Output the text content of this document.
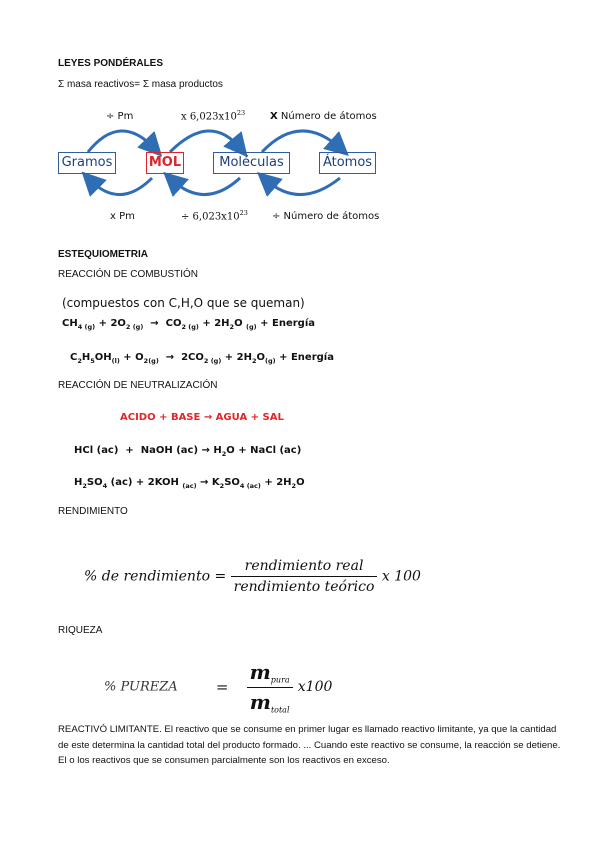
LEYES PONDÉRALES
Σ masa reactivos= Σ masa productos
÷ Pm	x $6,023x10^{23}$ X Número de átomos
Gramos	MOL	Moléculas	Átomos
x Pm	÷ $6,023x10^{23}$ ÷ Número de átomos
ESTEQUIOMETRIA
REACCIÓN DE COMBUSTIÓN
(compuestos con C,H,O que se queman)
$CH_{4 (g)} + 2O_{2 (g)} \to CO_{2 (g)} + 2H_2O$ $_{(g)}$ + Energía
$C_2H_5OH_{(l)} + O_{2(g)} \to 2CO_{2 (g)} + 2H_2O_{(g)}$ + Energía
REACCIÓN DE NEUTRALIZACIÓN
ACIDO + BASE → AGUA + SAL
HCl (ac)  +  NaOH $(ac) \to H_2O$ + NaCl (ac)
$H_2SO_4$ (ac) + 2KOH $_{(ac)} \to K_2SO_{4 (ac)} + 2H_2O$
RENDIMIENTO
% de rendimiento = $\frac{\text{rendimiento real}}{\text{rendimiento teórico}}$ x 100
RIQUEZA
% PUREZA	= $\frac{m_{pura}}{m_{total}} x100$

REACTIVÓ LIMITANTE. El reactivo que se consume en primer lugar es llamado reactivo limitante, ya que la cantidad de este determina la cantidad total del producto formado. ... Cuando este reactivo se consume, la reacción se detiene. El o los reactivos que se consumen parcialmente son los reactivos en exceso.
